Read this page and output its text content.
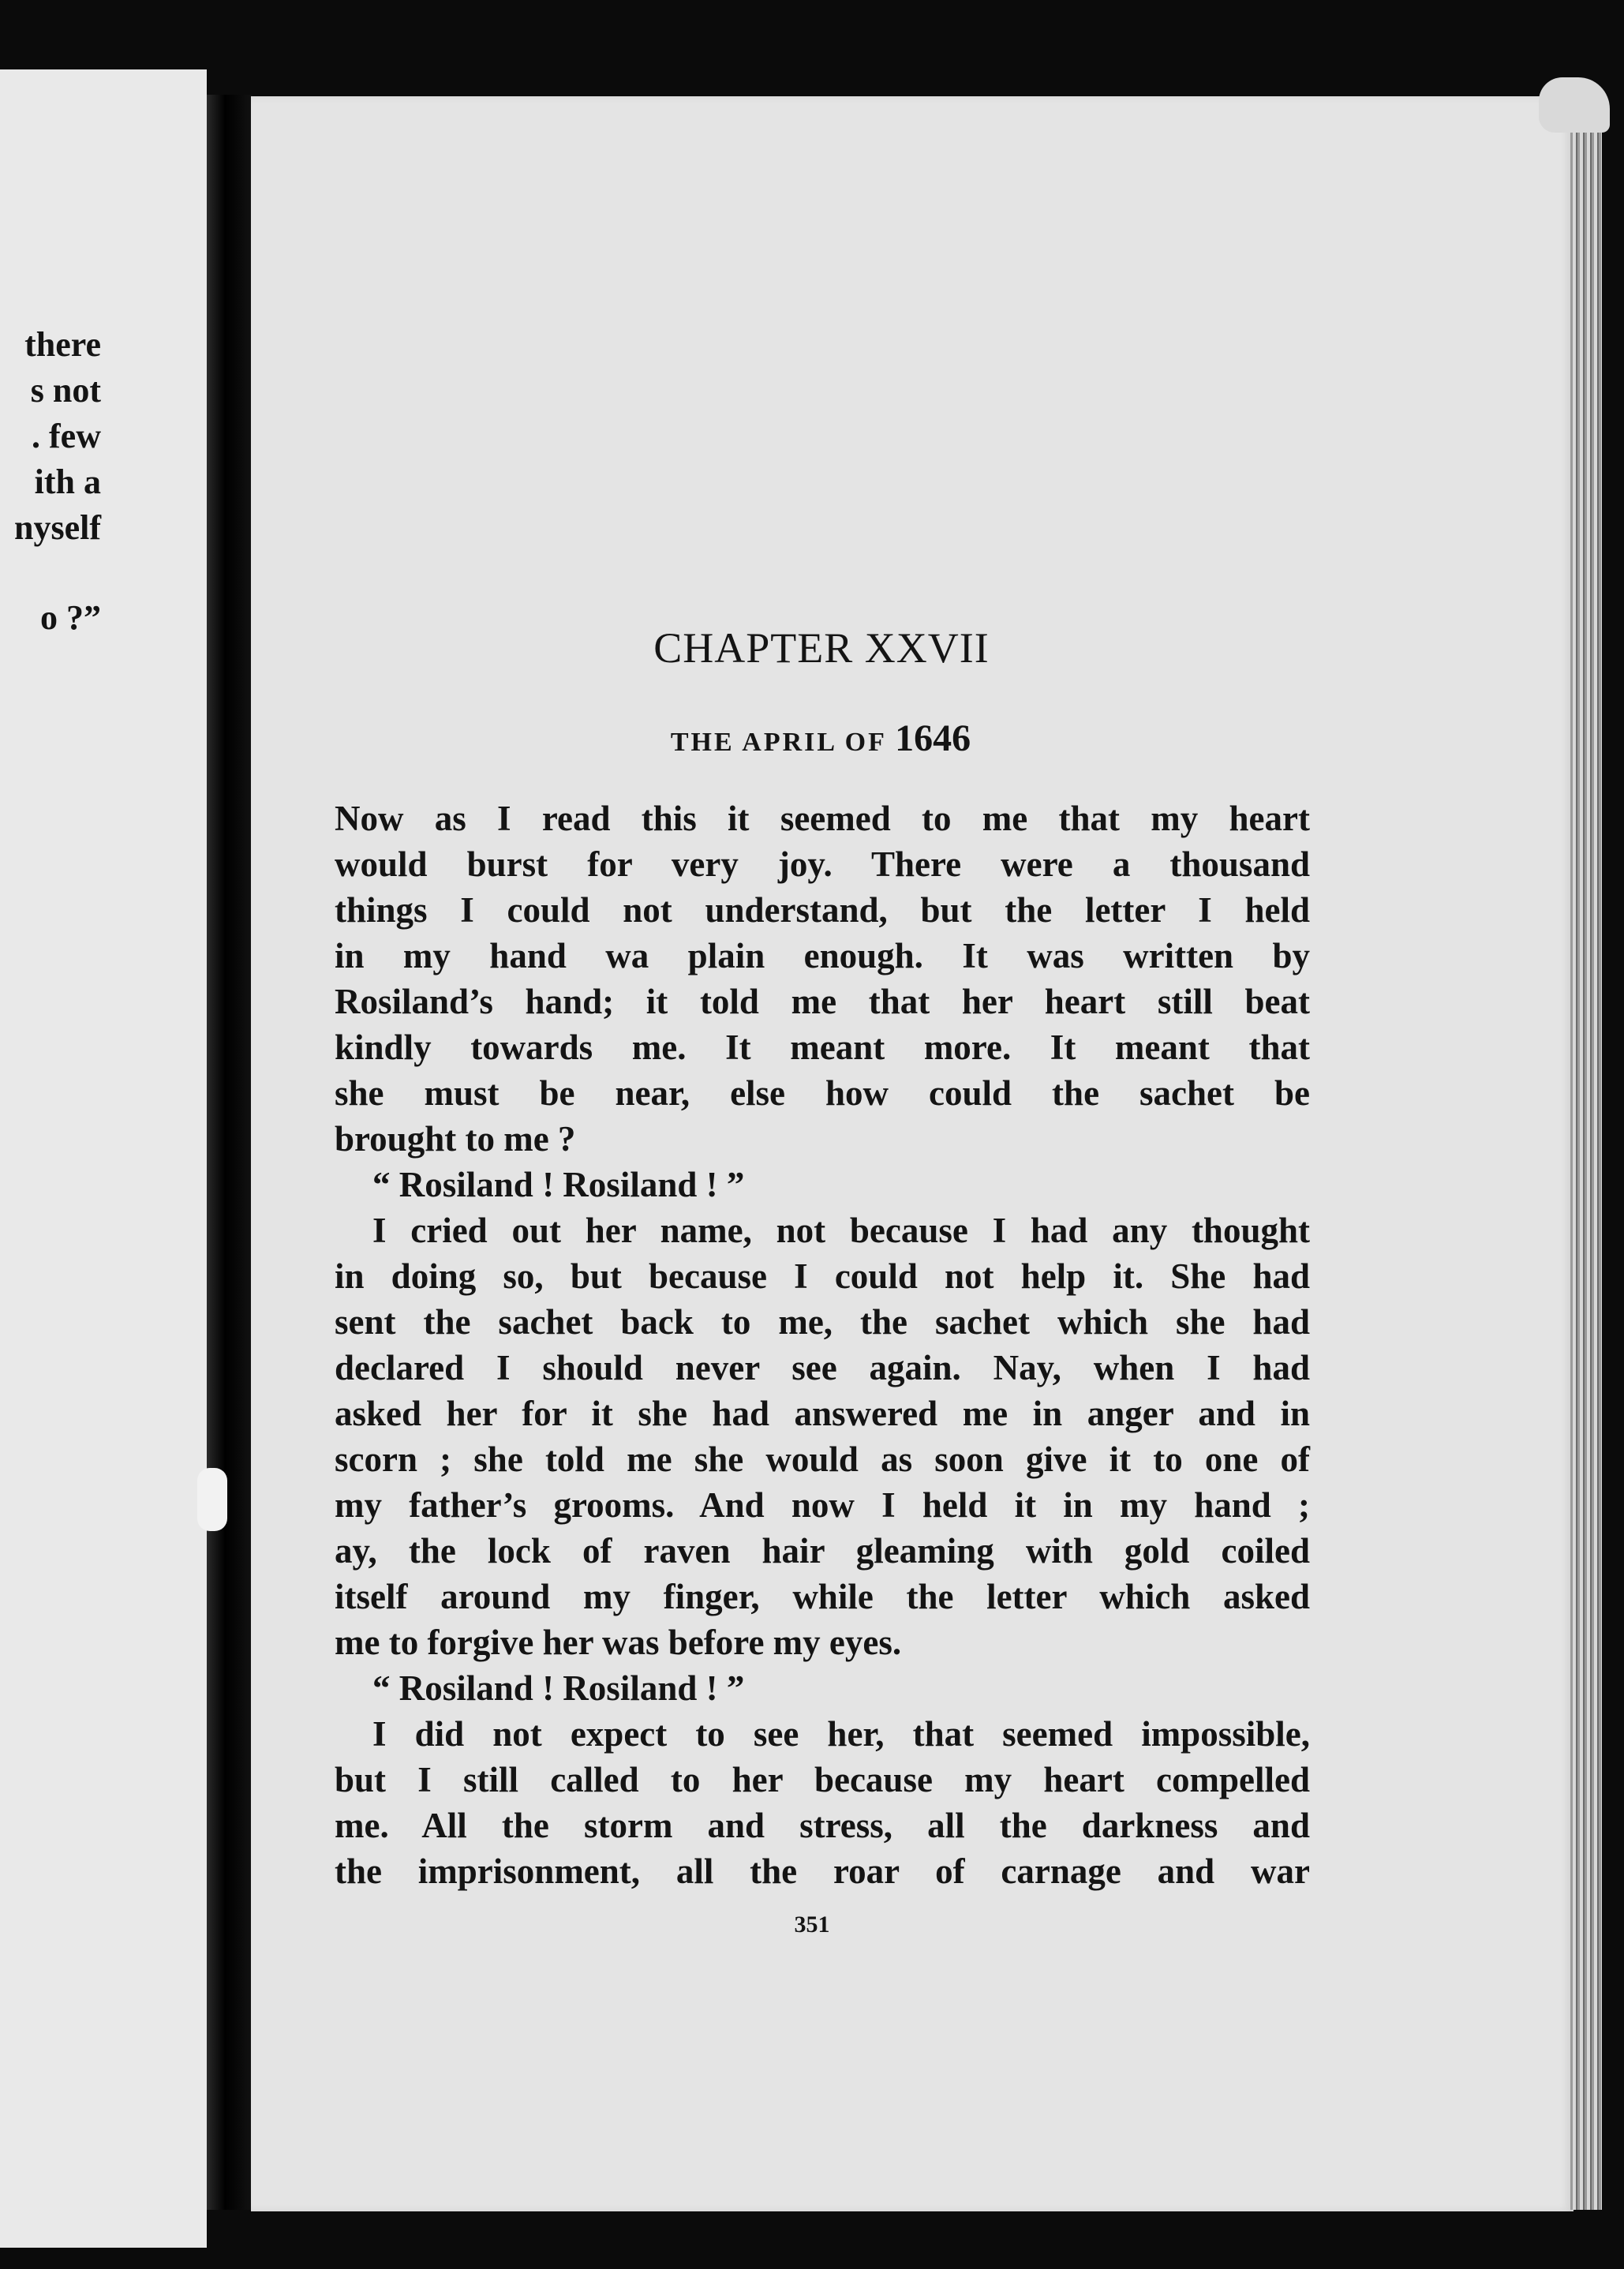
there
s not
. few
ith a
nyself
o ?”
CHAPTER XXVII
THE APRIL OF 1646
Now as I read this it seemed to me that my heart
would burst for very joy. There were a thousand
things I could not understand, but the letter I held
in my hand wa plain enough. It was written by
Rosiland’s hand; it told me that her heart still beat
kindly towards me. It meant more. It meant that
she must be near, else how could the sachet be
brought to me ?
“ Rosiland ! Rosiland ! ”
I cried out her name, not because I had any thought
in doing so, but because I could not help it. She had
sent the sachet back to me, the sachet which she had
declared I should never see again. Nay, when I had
asked her for it she had answered me in anger and in
scorn ; she told me she would as soon give it to one of
my father’s grooms. And now I held it in my hand ;
ay, the lock of raven hair gleaming with gold coiled
itself around my finger, while the letter which asked
me to forgive her was before my eyes.
“ Rosiland ! Rosiland ! ”
I did not expect to see her, that seemed impossible,
but I still called to her because my heart compelled
me. All the storm and stress, all the darkness and
the imprisonment, all the roar of carnage and war
351
